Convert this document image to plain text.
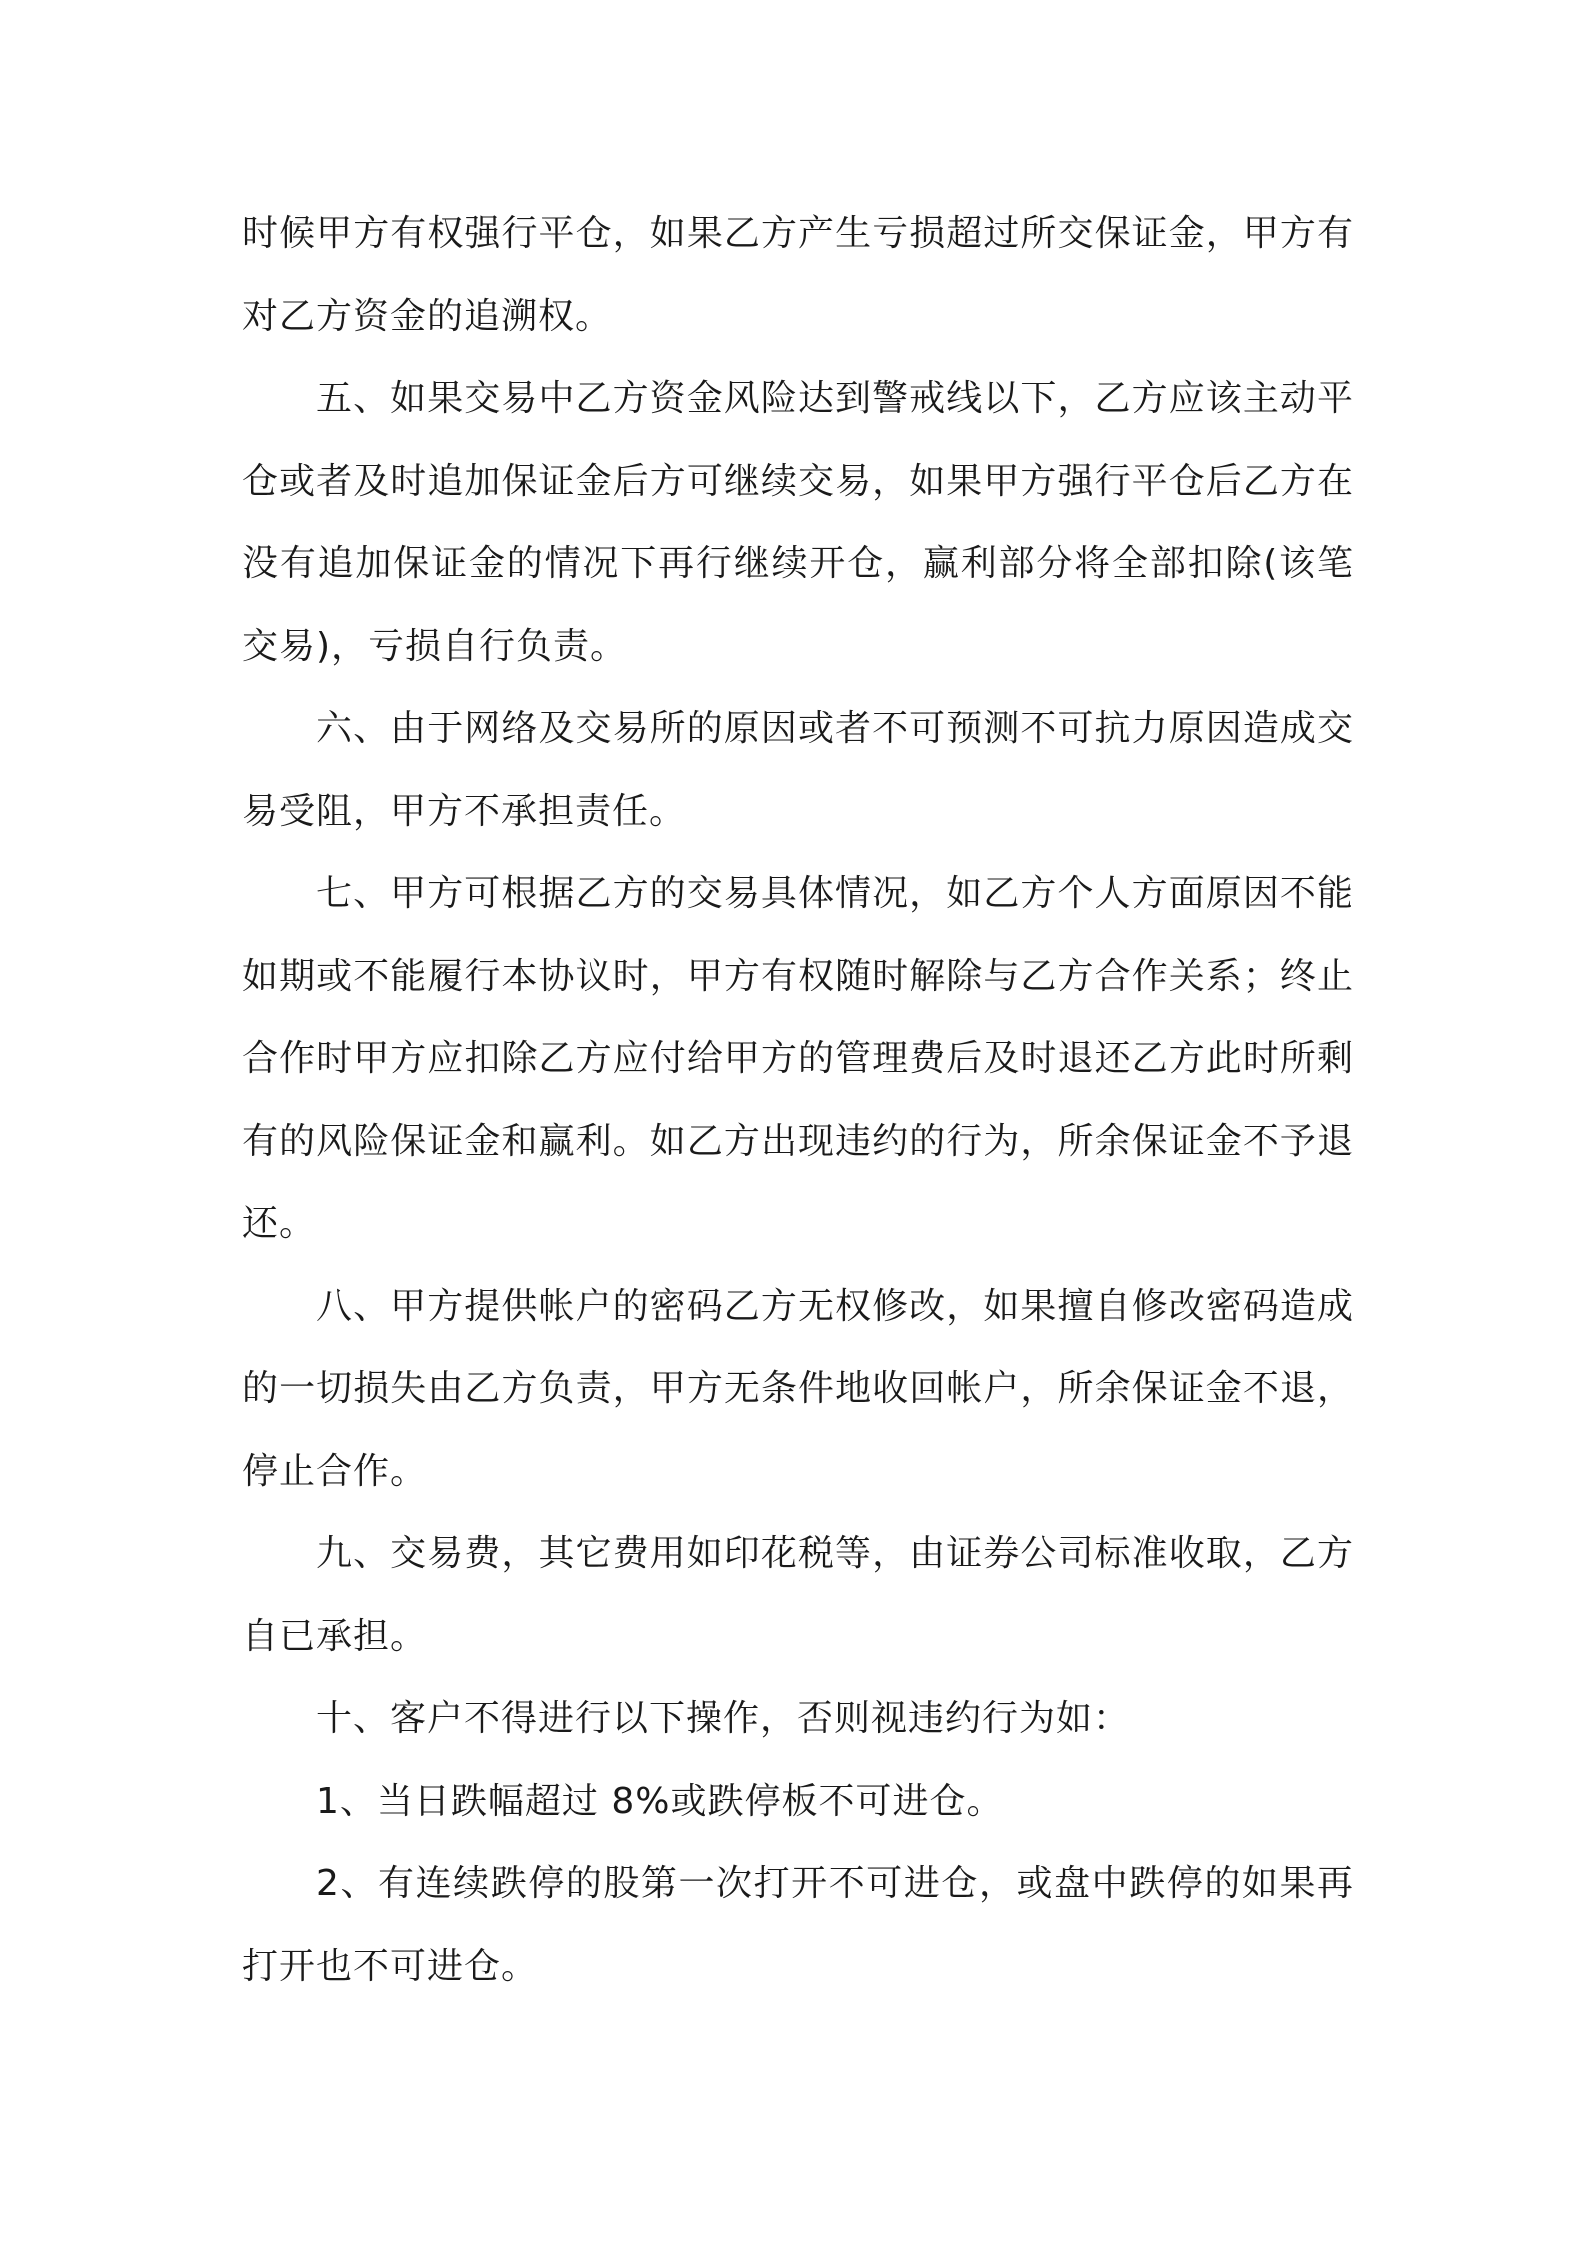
时候甲方有权强行平仓，如果乙方产生亏损超过所交保证金，甲方有对乙方资金的追溯权。

五、如果交易中乙方资金风险达到警戒线以下，乙方应该主动平仓或者及时追加保证金后方可继续交易，如果甲方强行平仓后乙方在没有追加保证金的情况下再行继续开仓，赢利部分将全部扣除(该笔交易)，亏损自行负责。

六、由于网络及交易所的原因或者不可预测不可抗力原因造成交易受阻，甲方不承担责任。

七、甲方可根据乙方的交易具体情况，如乙方个人方面原因不能如期或不能履行本协议时，甲方有权随时解除与乙方合作关系；终止合作时甲方应扣除乙方应付给甲方的管理费后及时退还乙方此时所剩有的风险保证金和赢利。如乙方出现违约的行为，所余保证金不予退还。

八、甲方提供帐户的密码乙方无权修改，如果擅自修改密码造成的一切损失由乙方负责，甲方无条件地收回帐户，所余保证金不退，停止合作。

九、交易费，其它费用如印花税等，由证券公司标准收取，乙方自已承担。

十、客户不得进行以下操作，否则视违约行为如：

1、当日跌幅超过 8%或跌停板不可进仓。

2、有连续跌停的股第一次打开不可进仓，或盘中跌停的如果再打开也不可进仓。
